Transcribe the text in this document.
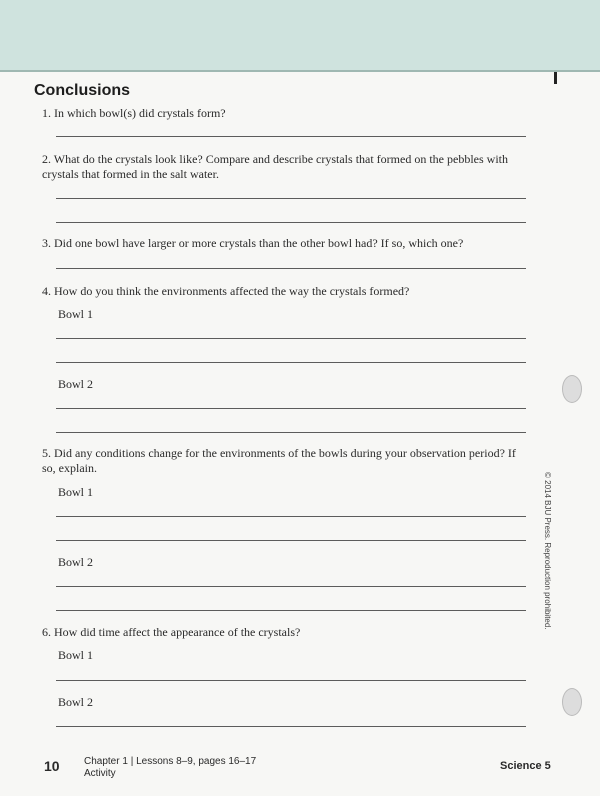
Conclusions
1. In which bowl(s) did crystals form?
2. What do the crystals look like? Compare and describe crystals that formed on the pebbles with crystals that formed in the salt water.
3. Did one bowl have larger or more crystals than the other bowl had? If so, which one?
4. How do you think the environments affected the way the crystals formed?
Bowl 1
Bowl 2
5. Did any conditions change for the environments of the bowls during your observation period? If so, explain.
Bowl 1
Bowl 2
6. How did time affect the appearance of the crystals?
Bowl 1
Bowl 2
© 2014 BJU Press. Reproduction prohibited.
10 Chapter 1 | Lessons 8–9, pages 16–17
Activity
Science 5
